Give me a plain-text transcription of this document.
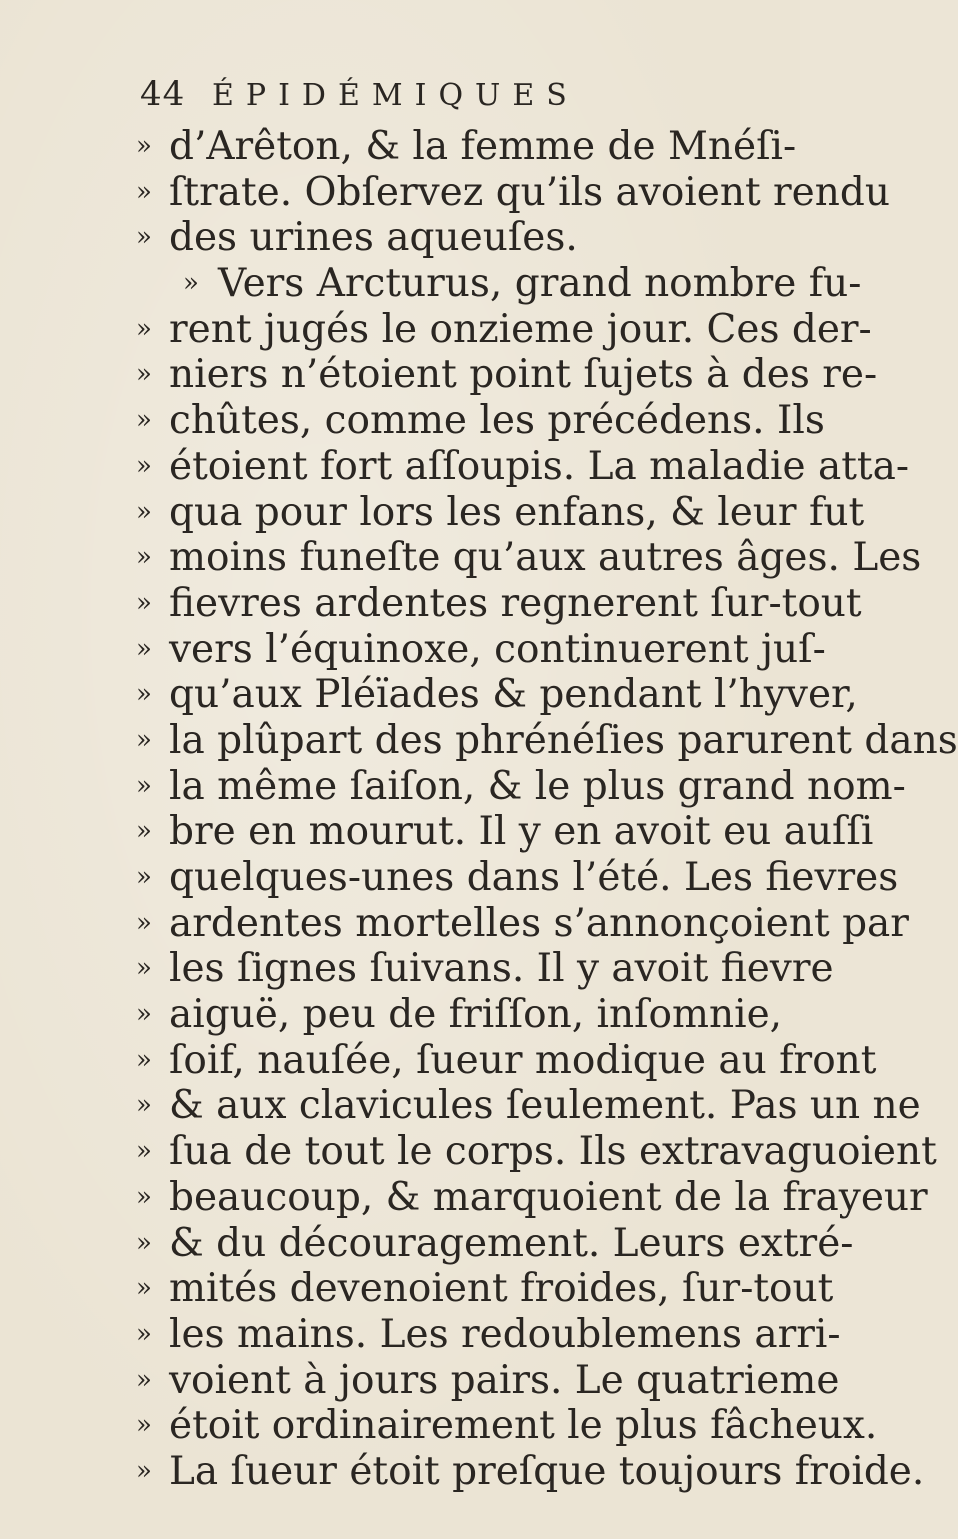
44 ÉPIDÉMIQUES
» d’Arêton, & la femme de Mnéſi-
» ſtrate. Obſervez qu’ils avoient rendu
» des urines aqueuſes.
» Vers Arcturus, grand nombre fu-
» rent jugés le onzieme jour. Ces der-
» niers n’étoient point ſujets à des re-
» chûtes, comme les précédens. Ils
» étoient fort aſſoupis. La maladie atta-
» qua pour lors les enfans, & leur fut
» moins funeſte qu’aux autres âges. Les
» fievres ardentes regnerent ſur-tout
» vers l’équinoxe, continuerent juſ-
» qu’aux Pléïades & pendant l’hyver,
» la plûpart des phrénéſies parurent dans
» la même ſaiſon, & le plus grand nom-
» bre en mourut. Il y en avoit eu auſſi
» quelques-unes dans l’été. Les fievres
» ardentes mortelles s’annonçoient par
» les ſignes ſuivans. Il y avoit fievre
» aiguë, peu de friſſon, inſomnie,
» ſoif, nauſée, ſueur modique au front
» & aux clavicules ſeulement. Pas un ne
» ſua de tout le corps. Ils extravaguoient
» beaucoup, & marquoient de la frayeur
» & du découragement. Leurs extré-
» mités devenoient froides, ſur-tout
» les mains. Les redoublemens arri-
» voient à jours pairs. Le quatrieme
» étoit ordinairement le plus fâcheux.
» La ſueur étoit preſque toujours froide.
